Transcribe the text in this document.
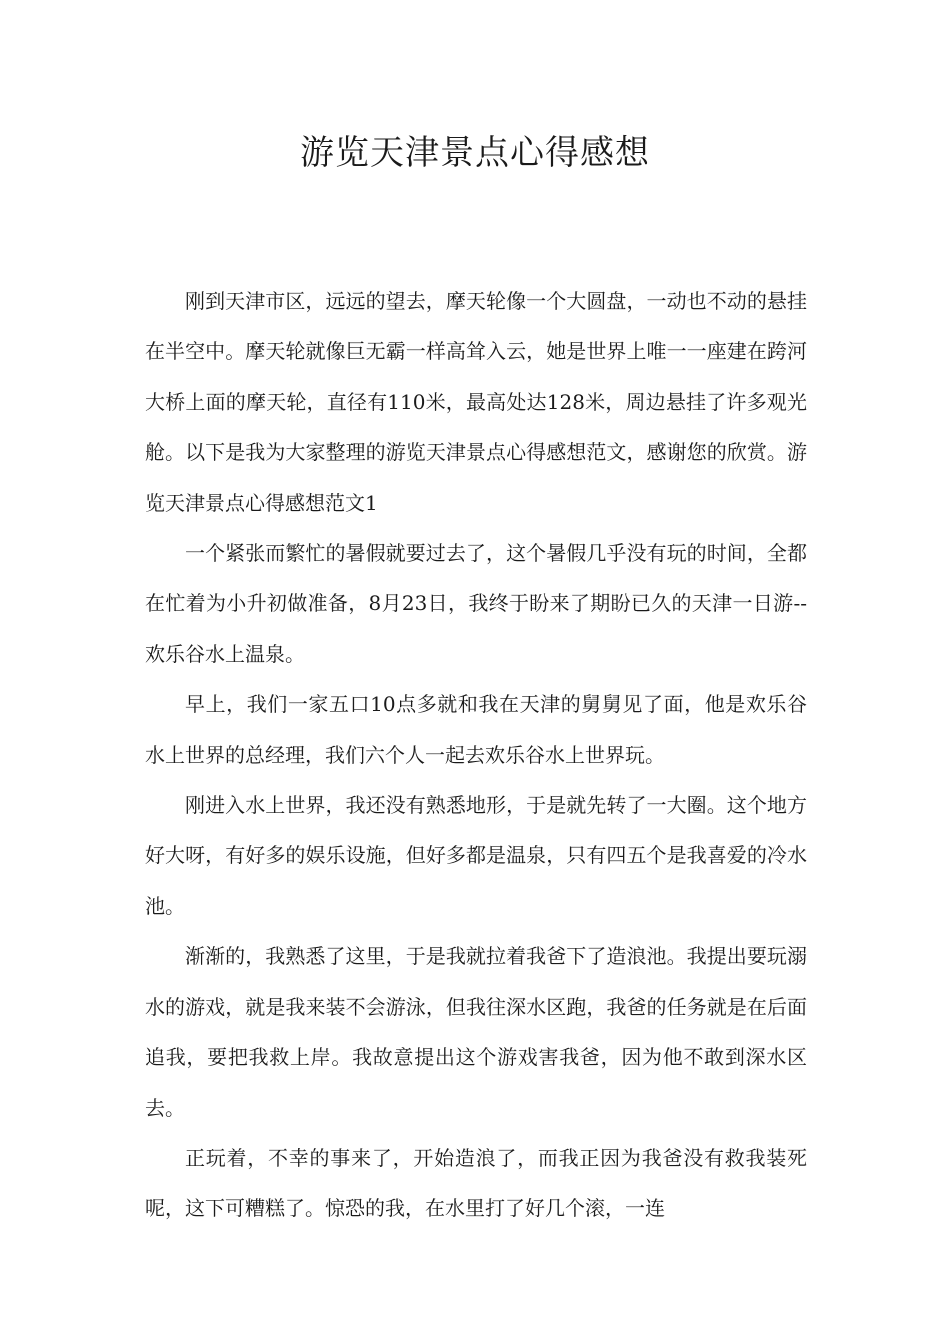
游览天津景点心得感想

刚到天津市区，远远的望去，摩天轮像一个大圆盘，一动也不动的悬挂在半空中。摩天轮就像巨无霸一样高耸入云，她是世界上唯一一座建在跨河大桥上面的摩天轮，直径有110米，最高处达128米，周边悬挂了许多观光舱。以下是我为大家整理的游览天津景点心得感想范文，感谢您的欣赏。游览天津景点心得感想范文1

一个紧张而繁忙的暑假就要过去了，这个暑假几乎没有玩的时间，全都在忙着为小升初做准备，8月23日，我终于盼来了期盼已久的天津一日游--欢乐谷水上温泉。

早上，我们一家五口10点多就和我在天津的舅舅见了面，他是欢乐谷水上世界的总经理，我们六个人一起去欢乐谷水上世界玩。

刚进入水上世界，我还没有熟悉地形，于是就先转了一大圈。这个地方好大呀，有好多的娱乐设施，但好多都是温泉，只有四五个是我喜爱的冷水池。

渐渐的，我熟悉了这里，于是我就拉着我爸下了造浪池。我提出要玩溺水的游戏，就是我来装不会游泳，但我往深水区跑，我爸的任务就是在后面追我，要把我救上岸。我故意提出这个游戏害我爸，因为他不敢到深水区去。

正玩着，不幸的事来了，开始造浪了，而我正因为我爸没有救我装死呢，这下可糟糕了。惊恐的我，在水里打了好几个滚，一连
